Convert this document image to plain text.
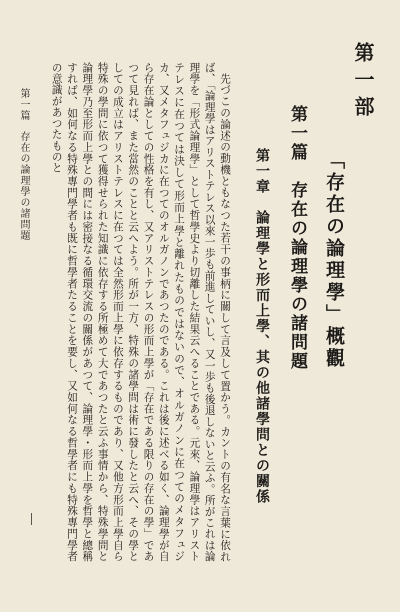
第一部
「存在の論理學」概觀
第一篇　存在の論理學の諸問題
第一章　論理學と形而上學、其の他諸學問との關係

先づこの論述の動機ともなつた若干の事柄に關して言及して置かう。カントの有名な言葉に依れば、「論理學はアリストテレス以來一歩も前進していし、又一歩も後退しないと云ふ。所がこれは論理學を「形式論理學」として哲學史より切離した結果云へることである。元來、論理學はアリストテレスに在つては決して形而上學と離れたものではないので、オルガノンに在つてのメタフュジカ、又メタフュジカに在つてのオルガノンであつたのである。これは後に述べる如く、論理學が自ら存在論としての性格を有し、又アリストテレスの形而上學が「存在である限りの存在の學」であつて見れば、また當然のことと云へよう。所が一方、特殊の諸學問は術に發したと云へ、その學としての成立はアリストテレスに在つては全然形而上學に依存するものであり、又他方形而上學自ら特殊の學問に依つて獲得せられた知識に依存する所極めて大であつたと云ふ事情から、特殊學問と論理學乃至形而上學との間には密接なる循環交流の關係があつて、論理學・形而上學を哲學と總稱すれば、如何なる特殊專門學者も既に哲學者たることを要し、又如何なる哲學者にも特殊專門學者の意識があつたものと

第一篇存在の論理學の諸問題
